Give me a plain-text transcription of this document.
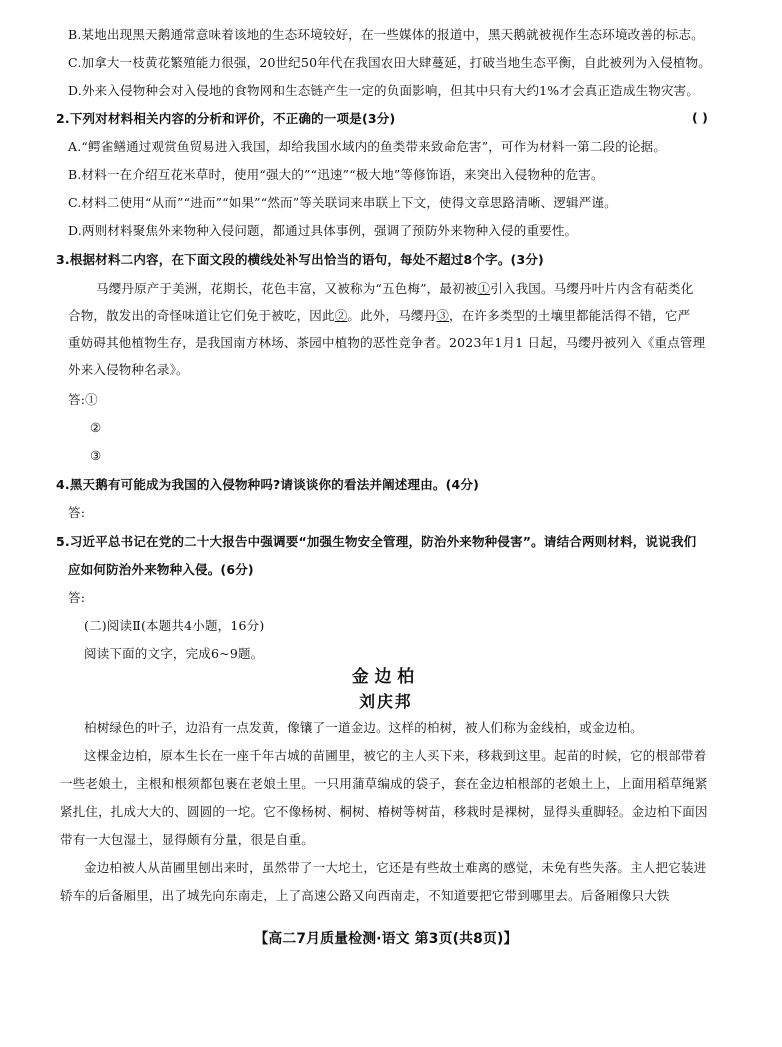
B.某地出现黑天鹅通常意味着该地的生态环境较好，在一些媒体的报道中，黑天鹅就被视作生态环境改善的标志。
C.加拿大一枝黄花繁殖能力很强，20世纪50年代在我国农田大肆蔓延，打破当地生态平衡，自此被列为入侵植物。
D.外来入侵物种会对入侵地的食物网和生态链产生一定的负面影响，但其中只有大约1%才会真正造成生物灾害。
2.下列对材料相关内容的分析和评价，不正确的一项是(3分)	( )
A.“鳄雀鳝通过观赏鱼贸易进入我国，却给我国水域内的鱼类带来致命危害”，可作为材料一第二段的论据。
B.材料一在介绍互花米草时，使用“强大的”“迅速”“极大地”等修饰语，来突出入侵物种的危害。
C.材料二使用“从而”“进而”“如果”“然而”等关联词来串联上下文，使得文章思路清晰、逻辑严谨。
D.两则材料聚焦外来物种入侵问题，都通过具体事例，强调了预防外来物种入侵的重要性。
3.根据材料二内容，在下面文段的横线处补写出恰当的语句，每处不超过8个字。(3分)
马缨丹原产于美洲，花期长，花色丰富，又被称为“五色梅”，最初被①引入我国。马缨丹叶片内含有萜类化
合物，散发出的奇怪味道让它们免于被吃，因此②。此外，马缨丹③，在许多类型的土壤里都能活得不错，它严
重妨碍其他植物生存，是我国南方林场、茶园中植物的恶性竞争者。2023年1月1 日起，马缨丹被列入《重点管理
外来入侵物种名录》。
答:①
②
③
4.黑天鹅有可能成为我国的入侵物种吗?请谈谈你的看法并阐述理由。(4分)
答:
5.习近平总书记在党的二十大报告中强调要“加强生物安全管理，防治外来物种侵害”。请结合两则材料，说说我们
应如何防治外来物种入侵。(6分)
答:
(二)阅读Ⅱ(本题共4小题，16分)
阅读下面的文字，完成6~9题。
金边柏
刘庆邦
柏树绿色的叶子，边沿有一点发黄，像镶了一道金边。这样的柏树，被人们称为金线柏，或金边柏。
这棵金边柏，原本生长在一座千年古城的苗圃里，被它的主人买下来，移栽到这里。起苗的时候，它的根部带着
一些老娘土，主根和根须都包裹在老娘土里。一只用蒲草编成的袋子，套在金边柏根部的老娘土上，上面用稻草绳紧
紧扎住，扎成大大的、圆圆的一坨。它不像杨树、桐树、椿树等树苗，移栽时是裸树，显得头重脚轻。金边柏下面因
带有一大包湿土，显得颇有分量，很是自重。
金边柏被人从苗圃里刨出来时，虽然带了一大坨土，它还是有些故土难离的感觉，未免有些失落。主人把它装进
轿车的后备厢里，出了城先向东南走，上了高速公路又向西南走，不知道要把它带到哪里去。后备厢像只大铁
【高二7月质量检测·语文 第3页(共8页)】
